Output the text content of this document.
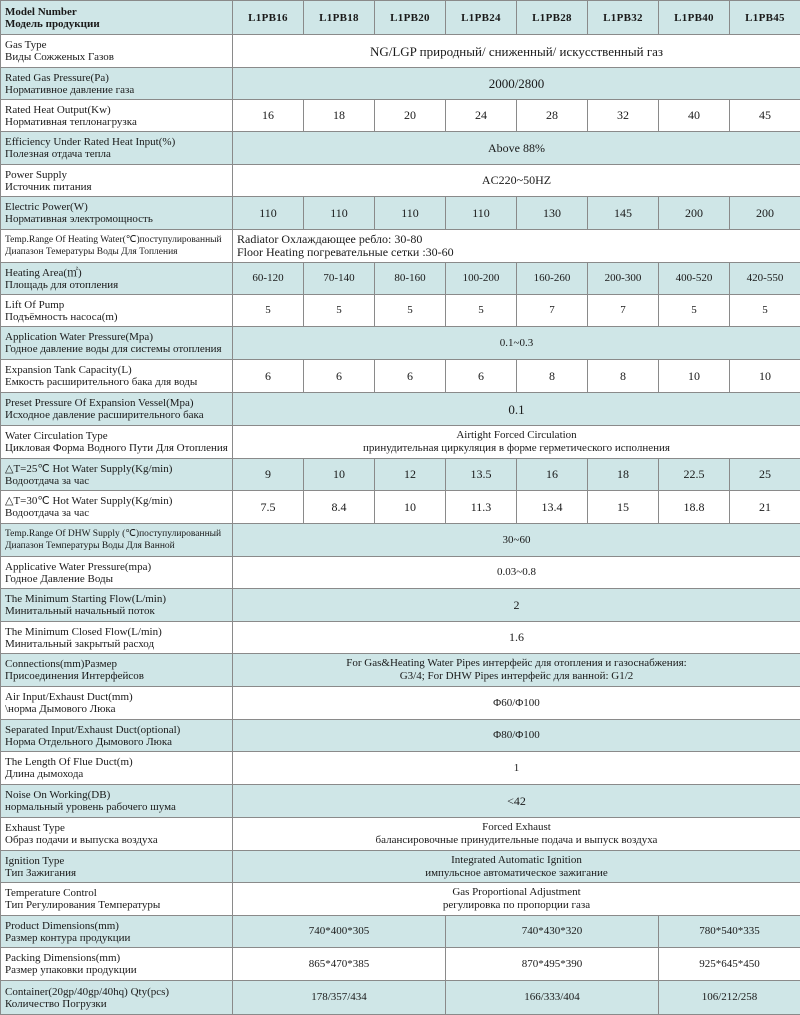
Model Number
Модель продукции	L1PB16	L1PB18	L1PB20	L1PB24	L1PB28	L1PB32	L1PB40	L1PB45

Gas Type
Виды Сожженых Газов	NG/LGP природный/ сниженный/ искусственный газ							

Rated Gas Pressure(Pa)
Нормативное давление газа	2000/2800							

Rated Heat Output(Kw)
Нормативная теплонагрузка	16	18	20	24	28	32	40	45

Efficiency Under Rated Heat Input(%)
Полезная отдача тепла	Above 88%							

Power Supply
Источник питания	AC220~50HZ							

Electric Power(W)
Нормативная электромощность	110	110	110	110	130	145	200	200

Temp.Range Of Heating Water(℃)поступулированный
Диапазон Темературы Воды Для Топления	Radiator Охлаждающее ребло: 30-80
Floor Heating погревательные сетки :30-60							

Heating Area(㎡)
Площадь для отопления	60-120	70-140	80-160	100-200	160-260	200-300	400-520	420-550

Lift Of Pump
Подъёмность насоса(m)	5	5	5	5	7	7	5	5

Application Water Pressure(Mpa)
Годное давление воды для системы отопления	0.1~0.3							

Expansion Tank Capacity(L)
Емкость расширительного бака для воды	6	6	6	6	8	8	10	10

Preset Pressure Of Expansion Vessel(Mpa)
Исходное давление расширительного бака	0.1							

Water Circulation Type
Цикловая Форма Водного Пути Для Отопления	Airtight Forced Circulation
принудительная циркуляция в форме герметического исполнения							

△T=25℃ Hot Water Supply(Kg/min)
Водоотдача за час	9	10	12	13.5	16	18	22.5	25

△T=30℃ Hot Water Supply(Kg/min)
Водоотдача за час	7.5	8.4	10	11.3	13.4	15	18.8	21

Temp.Range Of DHW Supply (℃)поступулированный
Диапазон Температуры Воды Для Ванной	30~60							

Applicative Water Pressure(mpa)
Годное Давление Воды	0.03~0.8							

The Minimum Starting Flow(L/min)
Минитальный начальный поток	2							

The Minimum Closed Flow(L/min)
Минитальный закрытый расход	1.6							

Connections(mm)Размер
Присоединения Интерфейсов	For Gas&Heating Water Pipes интерфейс для отопления и газоснабжения:
G3/4; For DHW Pipes интерфейс для ванной: G1/2							

Air Input/Exhaust Duct(mm)
\норма Дымового Люка	Φ60/Φ100							

Separated Input/Exhaust Duct(optional)
Норма Отдельного Дымового Люка	Φ80/Φ100							

The Length Of Flue Duct(m)
Длина дымохода	1							

Noise On Working(DB)
нормальный уровень рабочего шума	<42							

Exhaust Type
Образ подачи и выпуска воздуха	Forced Exhaust
балансировочные принудительные подача и выпуск воздуха							

Ignition Type
Тип Зажигания	Integrated Automatic Ignition
импульсное автоматическое зажигание							

Temperature Control
Тип Регулирования Температуры	Gas Proportional Adjustment
регулировка по пропорции газа							

Product Dimensions(mm)
Размер контура продукции	740*400*305			740*430*320			780*540*335	

Packing Dimensions(mm)
Размер упаковки продукции	865*470*385			870*495*390			925*645*450	

Container(20gp/40gp/40hq) Qty(pcs)
Количество Погрузки	178/357/434			166/333/404			106/212/258	
